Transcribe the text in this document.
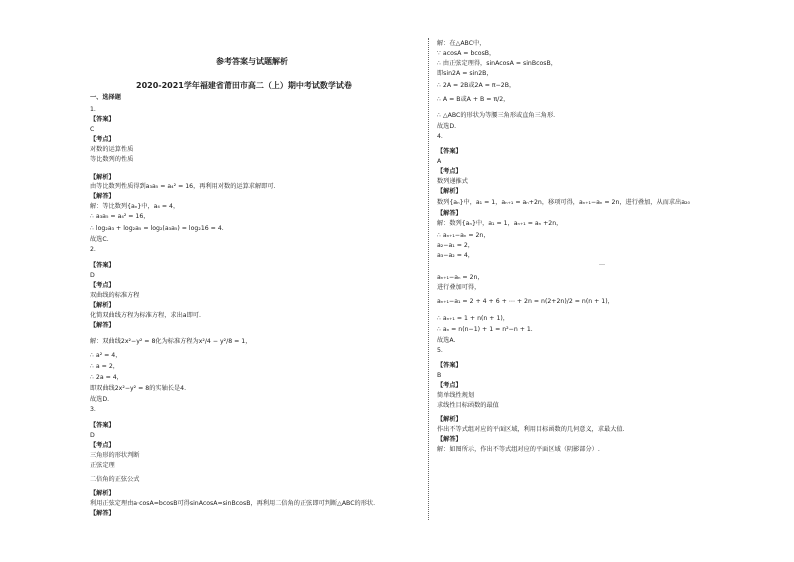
参考答案与试题解析
2020-2021学年福建省莆田市高二（上）期中考试数学试卷
一、选择题
1.
【答案】
C
【考点】
对数的运算性质
等比数列的性质
【解析】
由等比数列性质得到a₃a₅ = a₄² = 16，再利用对数的运算求解即可.
【解答】
解：等比数列{aₙ}中，a₄ = 4，
∴ a₃a₅ = a₄² = 16，
∴ log₂a₃ + log₂a₅ = log₂(a₃a₅) = log₂16 = 4.
故选C.
2.
【答案】
D
【考点】
双曲线的标准方程
【解析】
化简双曲线方程为标准方程，求出a即可.
【解答】
解：双曲线2x²−y² = 8化为标准方程为x²/4 − y²/8 = 1，
∴ a² = 4，
∴ a = 2，
∴ 2a = 4，
即双曲线2x²−y² = 8的实轴长是4.
故选D.
3.
【答案】
D
【考点】
三角形的形状判断
正弦定理
二倍角的正弦公式
【解析】
利用正弦定理由a⋅cosA=bcosB可得sinAcosA=sinBcosB，再利用二倍角的正弦即可判断△ABC的形状.
【解答】
解：在△ABC中，
∵ acosA = bcosB，
∴ 由正弦定理得，sinAcosA = sinBcosB，
即sin2A = sin2B，
∴ 2A = 2B或2A = π−2B，
∴ A = B或A + B = π/2，
∴ △ABC的形状为等腰三角形或直角三角形.
故选D.
4.
【答案】
A
【考点】
数列递推式
【解析】
数列{aₙ}中，a₁ = 1，aₙ₊₁ = aₙ+2n，移项可得，aₙ₊₁−aₙ = 2n，进行叠加，从而求出a₂₀
【解答】
解：数列{aₙ}中，a₁ = 1，aₙ₊₁ = aₙ +2n，
∴ aₙ₊₁−aₙ = 2n，
a₂−a₁ = 2，
a₃−a₂ = 4，
…
aₙ₊₁−aₙ = 2n，
进行叠加可得，
aₙ₊₁−a₁ = 2 + 4 + 6 + ⋯ + 2n = n(2+2n)/2 = n(n + 1)，
∴ aₙ₊₁ = 1 + n(n + 1)，
∴ aₙ = n(n−1) + 1 = n²−n + 1.
故选A.
5.
【答案】
B
【考点】
简单线性规划
求线性目标函数的最值
【解析】
作出不等式组对应的平面区域，利用目标函数的几何意义，求最大值.
【解答】
解：如图所示，作出不等式组对应的平面区域（阴影部分）.
